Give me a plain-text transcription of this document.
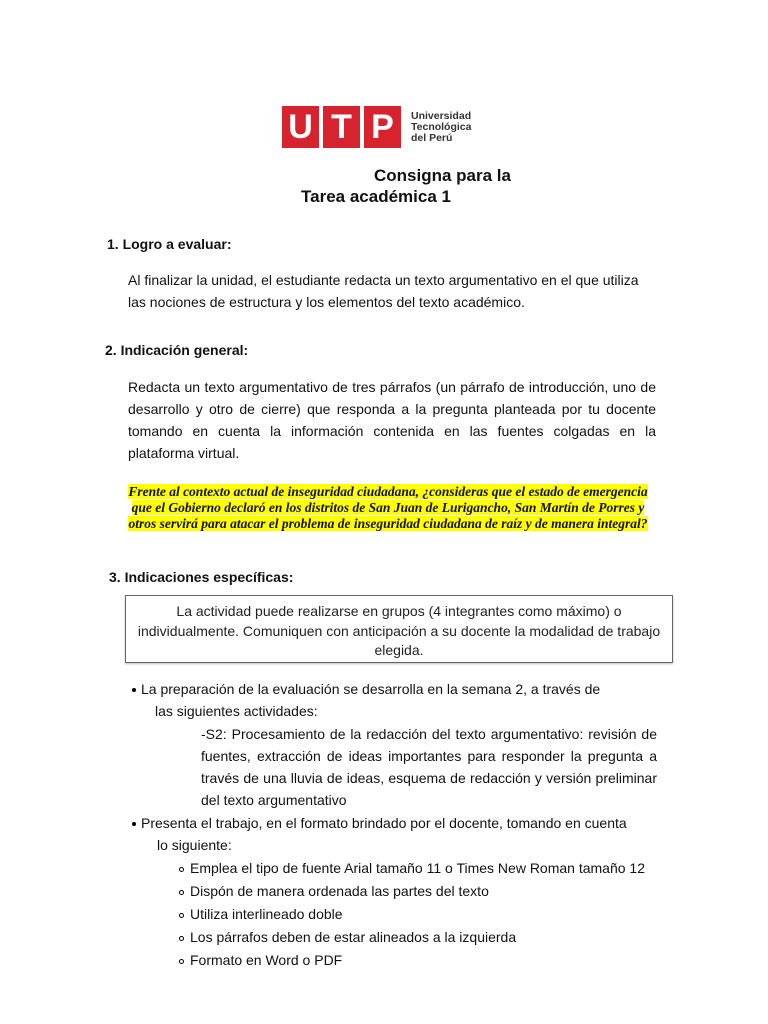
U T P	Universidad
Tecnológica
del Perú
Consigna para la
Tarea académica 1
1. Logro a evaluar:
Al finalizar la unidad, el estudiante redacta un texto argumentativo en el que utiliza las nociones de estructura y los elementos del texto académico.
2. Indicación general:
Redacta un texto argumentativo de tres párrafos (un párrafo de introducción, uno de desarrollo y otro de cierre) que responda a la pregunta planteada por tu docente tomando en cuenta la información contenida en las fuentes colgadas en la plataforma virtual.
Frente al contexto actual de inseguridad ciudadana, ¿consideras que el estado de emergencia que el Gobierno declaró en los distritos de San Juan de Lurigancho, San Martín de Porres y otros servirá para atacar el problema de inseguridad ciudadana de raíz y de manera integral?
3. Indicaciones específicas:
La actividad puede realizarse en grupos (4 integrantes como máximo) o individualmente. Comuniquen con anticipación a su docente la modalidad de trabajo elegida.
La preparación de la evaluación se desarrolla en la semana 2, a través de
las siguientes actividades:
-S2: Procesamiento de la redacción del texto argumentativo: revisión de fuentes, extracción de ideas importantes para responder la pregunta a través de una lluvia de ideas, esquema de redacción y versión preliminar del texto argumentativo
Presenta el trabajo, en el formato brindado por el docente, tomando en cuenta
lo siguiente:
Emplea el tipo de fuente Arial tamaño 11 o Times New Roman tamaño 12
Dispón de manera ordenada las partes del texto
Utiliza interlineado doble
Los párrafos deben de estar alineados a la izquierda
Formato en Word o PDF
